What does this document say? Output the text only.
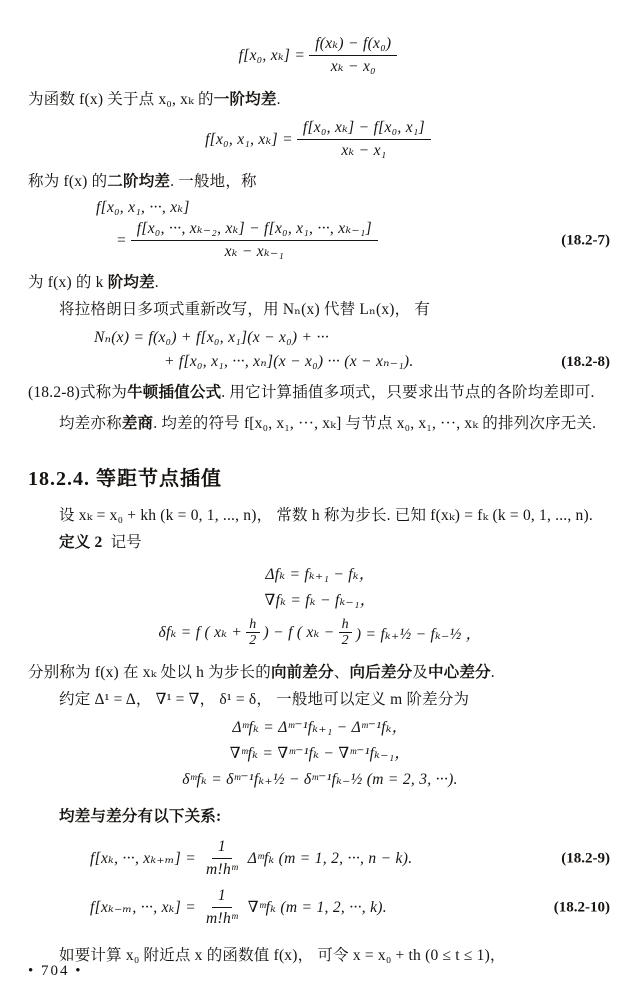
f[x₀, $x_k] = \frac{\text{f(xₖ) − f(x₀)}}{\text{xₖ − x₀}}$
为函数 f(x) 关于点 x₀, xₖ 的一阶均差.
f[x₀, x₁, $x_k] = \frac{\text{f[x₀, xₖ] − f[x₀, x₁]}}{\text{xₖ − x₁}}$
称为 f(x) 的二阶均差. 一般地，称
f[x₀, x₁, ···, xₖ]
= $\frac{\text{f[x₀, ···, xₖ₋₂, xₖ] − f[x₀, x₁, ···, xₖ₋₁]}}{\text{xₖ − xₖ₋₁}}$	(18.2-7)
为 f(x) 的 k 阶均差.
将拉格朗日多项式重新改写，用 Nₙ(x) 代替 Lₙ(x)， 有
Nₙ(x) = f(x₀) + f[x₀, x₁](x − x₀) + ···
+ f[x₀, x₁, ···, xₙ](x − x₀) ··· (x − xₙ₋₁).	(18.2-8)
(18.2-8)式称为牛顿插值公式. 用它计算插值多项式，只要求出节点的各阶均差即可.
均差亦称差商. 均差的符号 f[x₀, x₁, ···, xₖ] 与节点 x₀, x₁, ···, xₖ 的排列次序无关.
18.2.4. 等距节点插值
设 xₖ = x₀ + kh (k = 0, 1, ..., n)， 常数 h 称为步长. 已知 f(xₖ) = fₖ (k = 0, 1, ..., n).
定义 2 记号
Δfₖ = fₖ₊₁ − fₖ，
∇fₖ = fₖ − fₖ₋₁，
δfₖ = f ( $x_k + \frac{h}{2}$ ) − f ( $x_k - \frac{h}{2}$ ) = fₖ₊½ − fₖ₋½ ，
分别称为 f(x) 在 xₖ 处以 h 为步长的向前差分、向后差分及中心差分.
约定 Δ¹ = Δ， ∇¹ = ∇， δ¹ = δ， 一般地可以定义 m 阶差分为
Δᵐfₖ = Δᵐ⁻¹fₖ₊₁ − Δᵐ⁻¹fₖ，
∇ᵐfₖ = ∇ᵐ⁻¹fₖ − ∇ᵐ⁻¹fₖ₋₁，
δᵐfₖ = δᵐ⁻¹fₖ₊½ − δᵐ⁻¹fₖ₋½ (m = 2, 3, ···).
均差与差分有以下关系:
f[xₖ, ···, $x_{k+m}] = \frac{1}{\text{m!hᵐ}}$ Δᵐfₖ (m = 1, 2, ···, n − k).	(18.2-9)
f[xₖ₋ₘ, ···, $x_k] = \frac{1}{\text{m!hᵐ}}$ ∇ᵐfₖ (m = 1, 2, ···, k).	(18.2-10)
如要计算 x₀ 附近点 x 的函数值 f(x)， 可令 x = x₀ + th (0 ≤ t ≤ 1)，
• 704 •
